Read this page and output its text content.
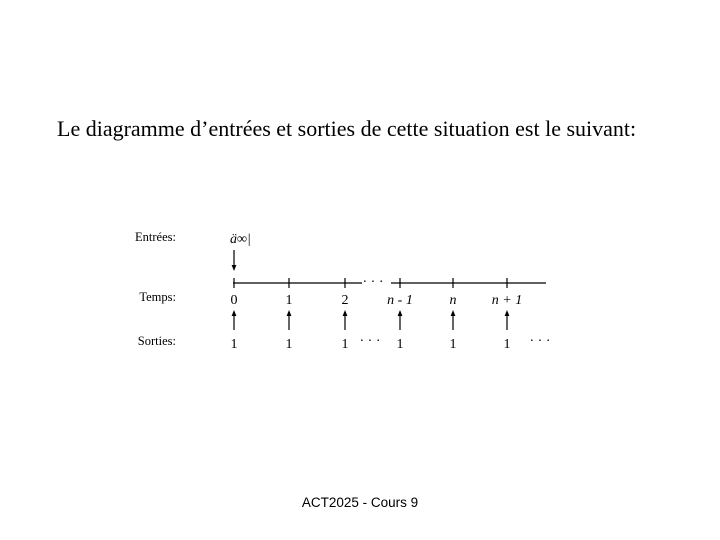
Le diagramme d’entrées et sorties de cette situation est le suivant:

Entrées:
Temps:
Sorties:
ä∞|
· · ·
0	1	2	n - 1	n	n + 1
1	1	1 · · · 1	1	1 · · ·
ACT2025 - Cours 9
